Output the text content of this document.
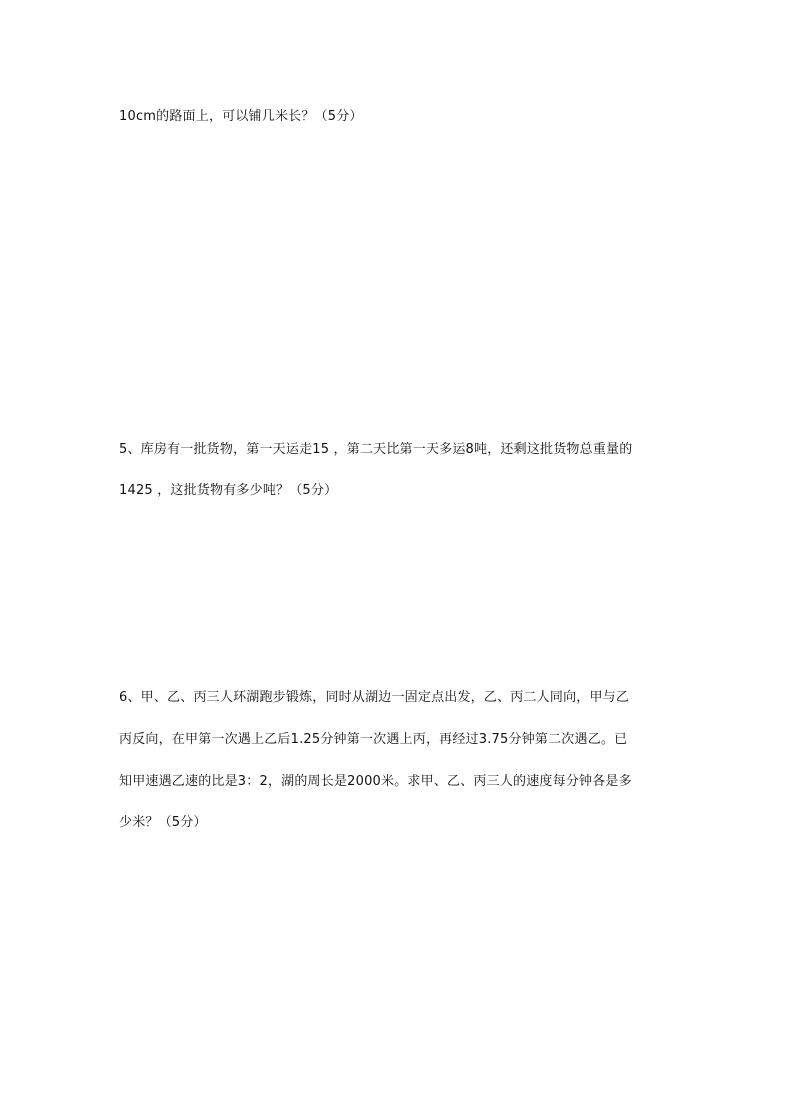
10cm的路面上，可以铺几米长？（5分）
5、库房有一批货物，第一天运走15 ，第二天比第一天多运8吨，还剩这批货物总重量的
1425 ，这批货物有多少吨？（5分）
6、甲、乙、丙三人环湖跑步锻炼，同时从湖边一固定点出发，乙、丙二人同向，甲与乙
丙反向，在甲第一次遇上乙后1.25分钟第一次遇上丙，再经过3.75分钟第二次遇乙。已
知甲速遇乙速的比是3：2，湖的周长是2000米。求甲、乙、丙三人的速度每分钟各是多
少米？（5分）
